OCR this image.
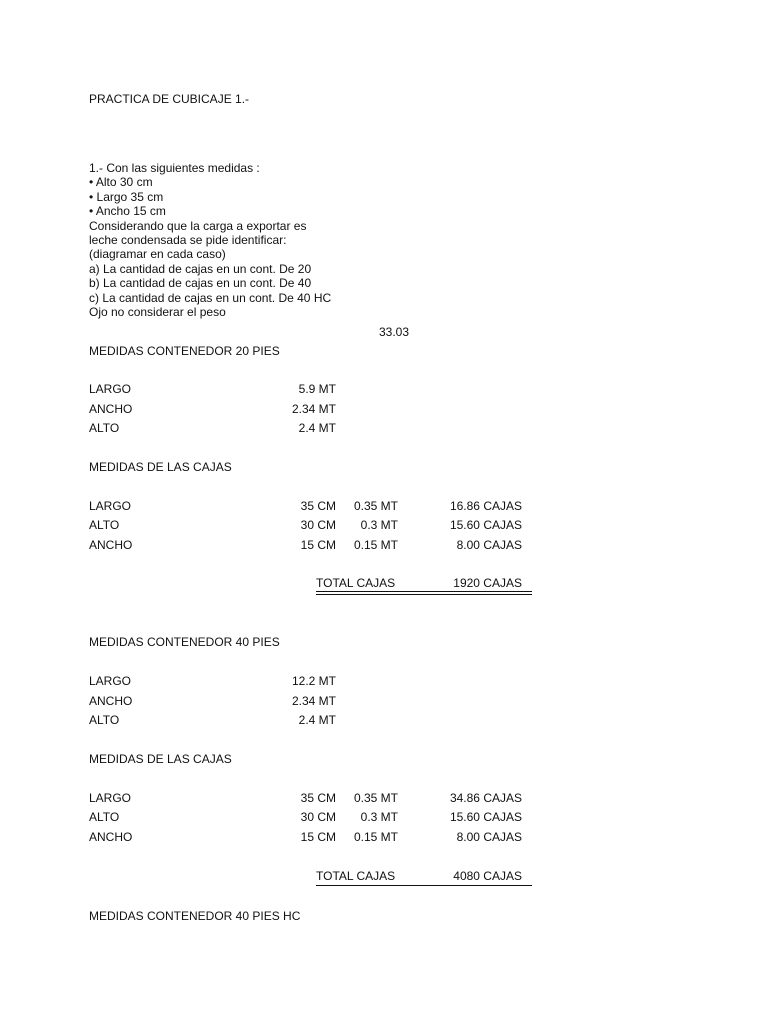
PRACTICA DE CUBICAJE 1.-
1.- Con las siguientes medidas :
• Alto 30 cm
• Largo 35 cm
• Ancho 15 cm
Considerando que la carga a exportar es
leche condensada se pide identificar:
(diagramar en cada caso)
a) La cantidad de cajas en un cont. De 20
b) La cantidad de cajas en un cont. De 40
c) La cantidad de cajas en un cont. De 40 HC
Ojo no considerar el peso
33.03
MEDIDAS CONTENEDOR 20 PIES
LARGO	5.9 MT
ANCHO	2.34 MT
ALTO	2.4 MT
MEDIDAS DE LAS CAJAS
LARGO	35 CM	0.35 MT	16.86 CAJAS
ALTO	30 CM	0.3 MT	15.60 CAJAS
ANCHO	15 CM	0.15 MT	8.00 CAJAS
TOTAL CAJAS	1920 CAJAS
MEDIDAS CONTENEDOR 40 PIES
LARGO	12.2 MT
ANCHO	2.34 MT
ALTO	2.4 MT
MEDIDAS DE LAS CAJAS
LARGO	35 CM	0.35 MT	34.86 CAJAS
ALTO	30 CM	0.3 MT	15.60 CAJAS
ANCHO	15 CM	0.15 MT	8.00 CAJAS
TOTAL CAJAS	4080 CAJAS
MEDIDAS CONTENEDOR 40 PIES HC
